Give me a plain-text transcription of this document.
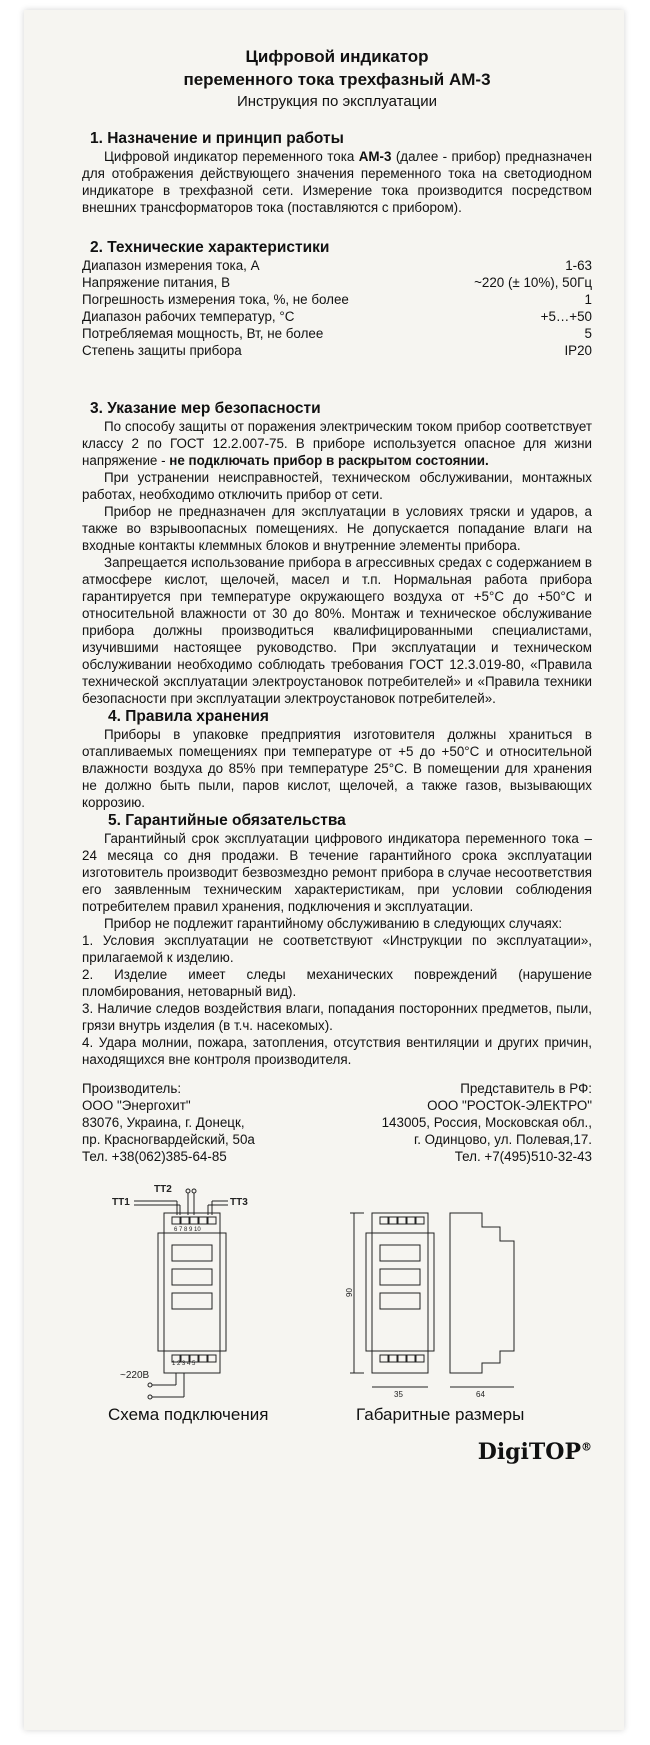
Цифровой индикатор
переменного тока трехфазный АМ-3
Инструкция по эксплуатации
1. Назначение и принцип работы

Цифровой индикатор переменного тока АМ-3 (далее - прибор) предназначен для отображения действующего значения переменного тока на светодиодном индикаторе в трехфазной сети. Измерение тока производится посредством внешних трансформаторов тока (поставляются с прибором).

2. Технические характеристики
Диапазон измерения тока, А	1-63
Напряжение питания, В	~220 (± 10%), 50Гц
Погрешность измерения тока, %, не более	1
Диапазон рабочих температур, °С	+5…+50
Потребляемая мощность, Вт, не более	5
Степень защиты прибора	IP20
3. Указание мер безопасности

По способу защиты от поражения электрическим током прибор соответствует классу 2 по ГОСТ 12.2.007-75. В приборе используется опасное для жизни напряжение - не подключать прибор в раскрытом состоянии.

При устранении неисправностей, техническом обслуживании, монтажных работах, необходимо отключить прибор от сети.

Прибор не предназначен для эксплуатации в условиях тряски и ударов, а также во взрывоопасных помещениях. Не допускается попадание влаги на входные контакты клеммных блоков и внутренние элементы прибора.

Запрещается использование прибора в агрессивных средах с содержанием в атмосфере кислот, щелочей, масел и т.п. Нормальная работа прибора гарантируется при температуре окружающего воздуха от +5°С до +50°С и относительной влажности от 30 до 80%. Монтаж и техническое обслуживание прибора должны производиться квалифицированными специалистами, изучившими настоящее руководство. При эксплуатации и техническом обслуживании необходимо соблюдать требования ГОСТ 12.3.019-80, «Правила технической эксплуатации электроустановок потребителей» и «Правила техники безопасности при эксплуатации электроустановок потребителей».

4. Правила хранения

Приборы в упаковке предприятия изготовителя должны храниться в отапливаемых помещениях при температуре от +5 до +50°С и относительной влажности воздуха до 85% при температуре 25°С. В помещении для хранения не должно быть пыли, паров кислот, щелочей, а также газов, вызывающих коррозию.

5. Гарантийные обязательства

Гарантийный срок эксплуатации цифрового индикатора переменного тока – 24 месяца со дня продажи. В течение гарантийного срока эксплуатации изготовитель производит безвозмездно ремонт прибора в случае несоответствия его заявленным техническим характеристикам, при условии соблюдения потребителем правил хранения, подключения и эксплуатации.

Прибор не подлежит гарантийному обслуживанию в следующих случаях:

1. Условия эксплуатации не соответствуют «Инструкции по эксплуатации», прилагаемой к изделию.

2. Изделие имеет следы механических повреждений (нарушение пломбирования, нетоварный вид).

3. Наличие следов воздействия влаги, попадания посторонних предметов, пыли, грязи внутрь изделия (в т.ч. насекомых).

4. Удара молнии, пожара, затопления, отсутствия вентиляции и других причин, находящихся вне контроля производителя.

Производитель:
ООО "Энергохит"
83076, Украина, г. Донецк,
пр. Красногвардейский, 50а
Тел. +38(062)385-64-85
Представитель в РФ:
ООО "РОСТОК-ЭЛЕКТРО"
143005, Россия, Московская обл.,
г. Одинцово, ул. Полевая,17.
Тел. +7(495)510-32-43
TT2
TT1	TT3
6 7 8 9 10
1 2 3 4 5
~220В
90
35	64
Схема подключения	Габаритные размеры
DigiTOP®
